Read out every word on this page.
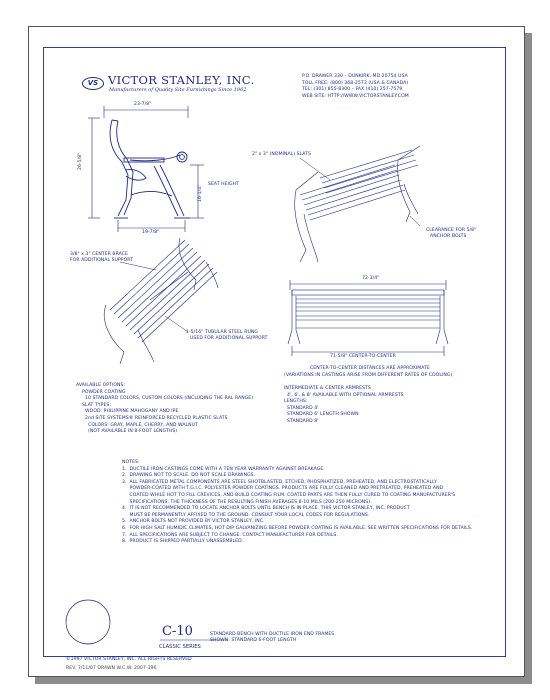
VS VICTOR STANLEY, INC.
Manufacturers of Quality Site Furnishings Since 1962
P.O. DRAWER 330 – DUNKIRK, MD 20754 USA
TOLL FREE: (800) 368-2573 (USA & CANADA)
TEL: (301) 855-8300 – FAX (410) 257-7579
WEB SITE: HTTP://WWW.VICTORSTANLEY.COM
23-7/8"
26-5/8"
SEAT HEIGHT
16-1/4"
19-7/8"
72-3/4"
71-5/8" CENTER-TO-CENTER
2" x 3" (NOMINAL) SLATS
3/8" x 3" CENTER BRACE
FOR ADDITIONAL SUPPORT
1-5/16" TUBULAR STEEL RUNG
USED FOR ADDITIONAL SUPPORT
CLEARANCE FOR 5/8"
ANCHOR BOLTS
CENTER-TO-CENTER DISTANCES ARE APPROXIMATE
(VARIATIONS IN CASTINGS ARISE FROM DIFFERENT RATES OF COOLING)
AVAILABLE OPTIONS:
POWDER COATING
10 STANDARD COLORS, CUSTOM COLORS (INCLUDING THE RAL RANGE)
SLAT TYPES:
WOOD: PHILIPPINE MAHOGANY AND IPE
2nd SITE SYSTEMS® REINFORCED RECYCLED PLASTIC SLATS
COLORS: GRAY, MAPLE, CHERRY, AND WALNUT
(NOT AVAILABLE IN 8-FOOT LENGTHS)
INTERMEDIATE & CENTER ARMRESTS
4', 6', & 8' AVAILABLE WITH OPTIONAL ARMRESTS
LENGTHS:
STANDARD 4'
STANDARD 6' LENGTH SHOWN
STANDARD 8'
NOTES:
1.  DUCTILE IRON CASTINGS COME WITH A TEN YEAR WARRANTY AGAINST BREAKAGE.
2.  DRAWING NOT TO SCALE. DO NOT SCALE DRAWINGS.
3.  ALL FABRICATED METAL COMPONENTS ARE STEEL SHOTBLASTED, ETCHED, PHOSPHATIZED, PREHEATED, AND ELECTROSTATICALLY
POWDER-COATED WITH T.G.I.C. POLYESTER POWDER COATINGS. PRODUCTS ARE FULLY CLEANED AND PRETREATED, PREHEATED AND
COATED WHILE HOT TO FILL CREVICES, AND BUILD COATING FILM. COATED PARTS ARE THEN FULLY CURED TO COATING MANUFACTURER'S
SPECIFICATIONS. THE THICKNESS OF THE RESULTING FINISH AVERAGES 8-10 MILS (200-250 MICRONS).
4.  IT IS NOT RECOMMENDED TO LOCATE ANCHOR BOLTS UNTIL BENCH IS IN PLACE. THIS VICTOR STANLEY, INC. PRODUCT
MUST BE PERMANENTLY AFFIXED TO THE GROUND. CONSULT YOUR LOCAL CODES FOR REGULATIONS.
5.  ANCHOR BOLTS NOT PROVIDED BY VICTOR STANLEY, INC.
6.  FOR HIGH SALT HUMIDIC CLIMATES, HOT DIP GALVANIZING BEFORE POWDER COATING IS AVAILABLE. SEE WRITTEN SPECIFICATIONS FOR DETAILS.
7.  ALL SPECIFICATIONS ARE SUBJECT TO CHANGE. CONTACT MANUFACTURER FOR DETAILS.
8.  PRODUCT IS SHIPPED PARTIALLY UNASSEMBLED.
C-10
CLASSIC SERIES
STANDARD BENCH WITH DUCTILE IRON END FRAMES
SHOWN: STANDARD 6-FOOT LENGTH
©1997 VICTOR STANLEY, INC. ALL RIGHTS RESERVED
REV. 7/11/07 DRAWN W.C.W. 2007-396
